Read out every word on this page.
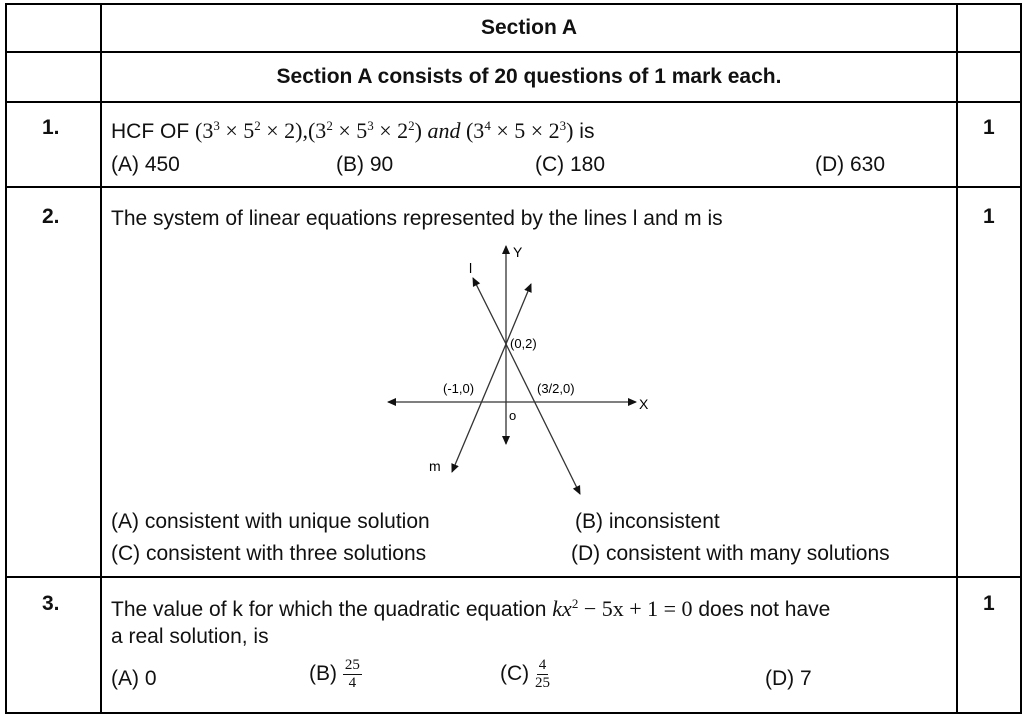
Section A
Section A consists of 20 questions of 1 mark each.
1.	1
HCF OF $(3^3 \times 5^2 \times 2),(3^2 \times 5^3 \times 2^2)$ and $(3^4 \times 5 \times 2^3)$ is
(A) 450	(B) 90	(C) 180	(D) 630
2.	1
The system of linear equations represented by the lines l and m is
Y
X
l
m
o
(0,2)
(-1,0)	(3/2,0)
(A) consistent with unique solution	(B) inconsistent
(C) consistent with three solutions	(D) consistent with many solutions
3.	1
The value of k for which the quadratic equation $kx^2 - 5x + 1 = 0$ does not have
a real solution, is
(A) 0	$(B) \frac{25}{4}$	$(C) \frac{4}{25}$	(D) 7
